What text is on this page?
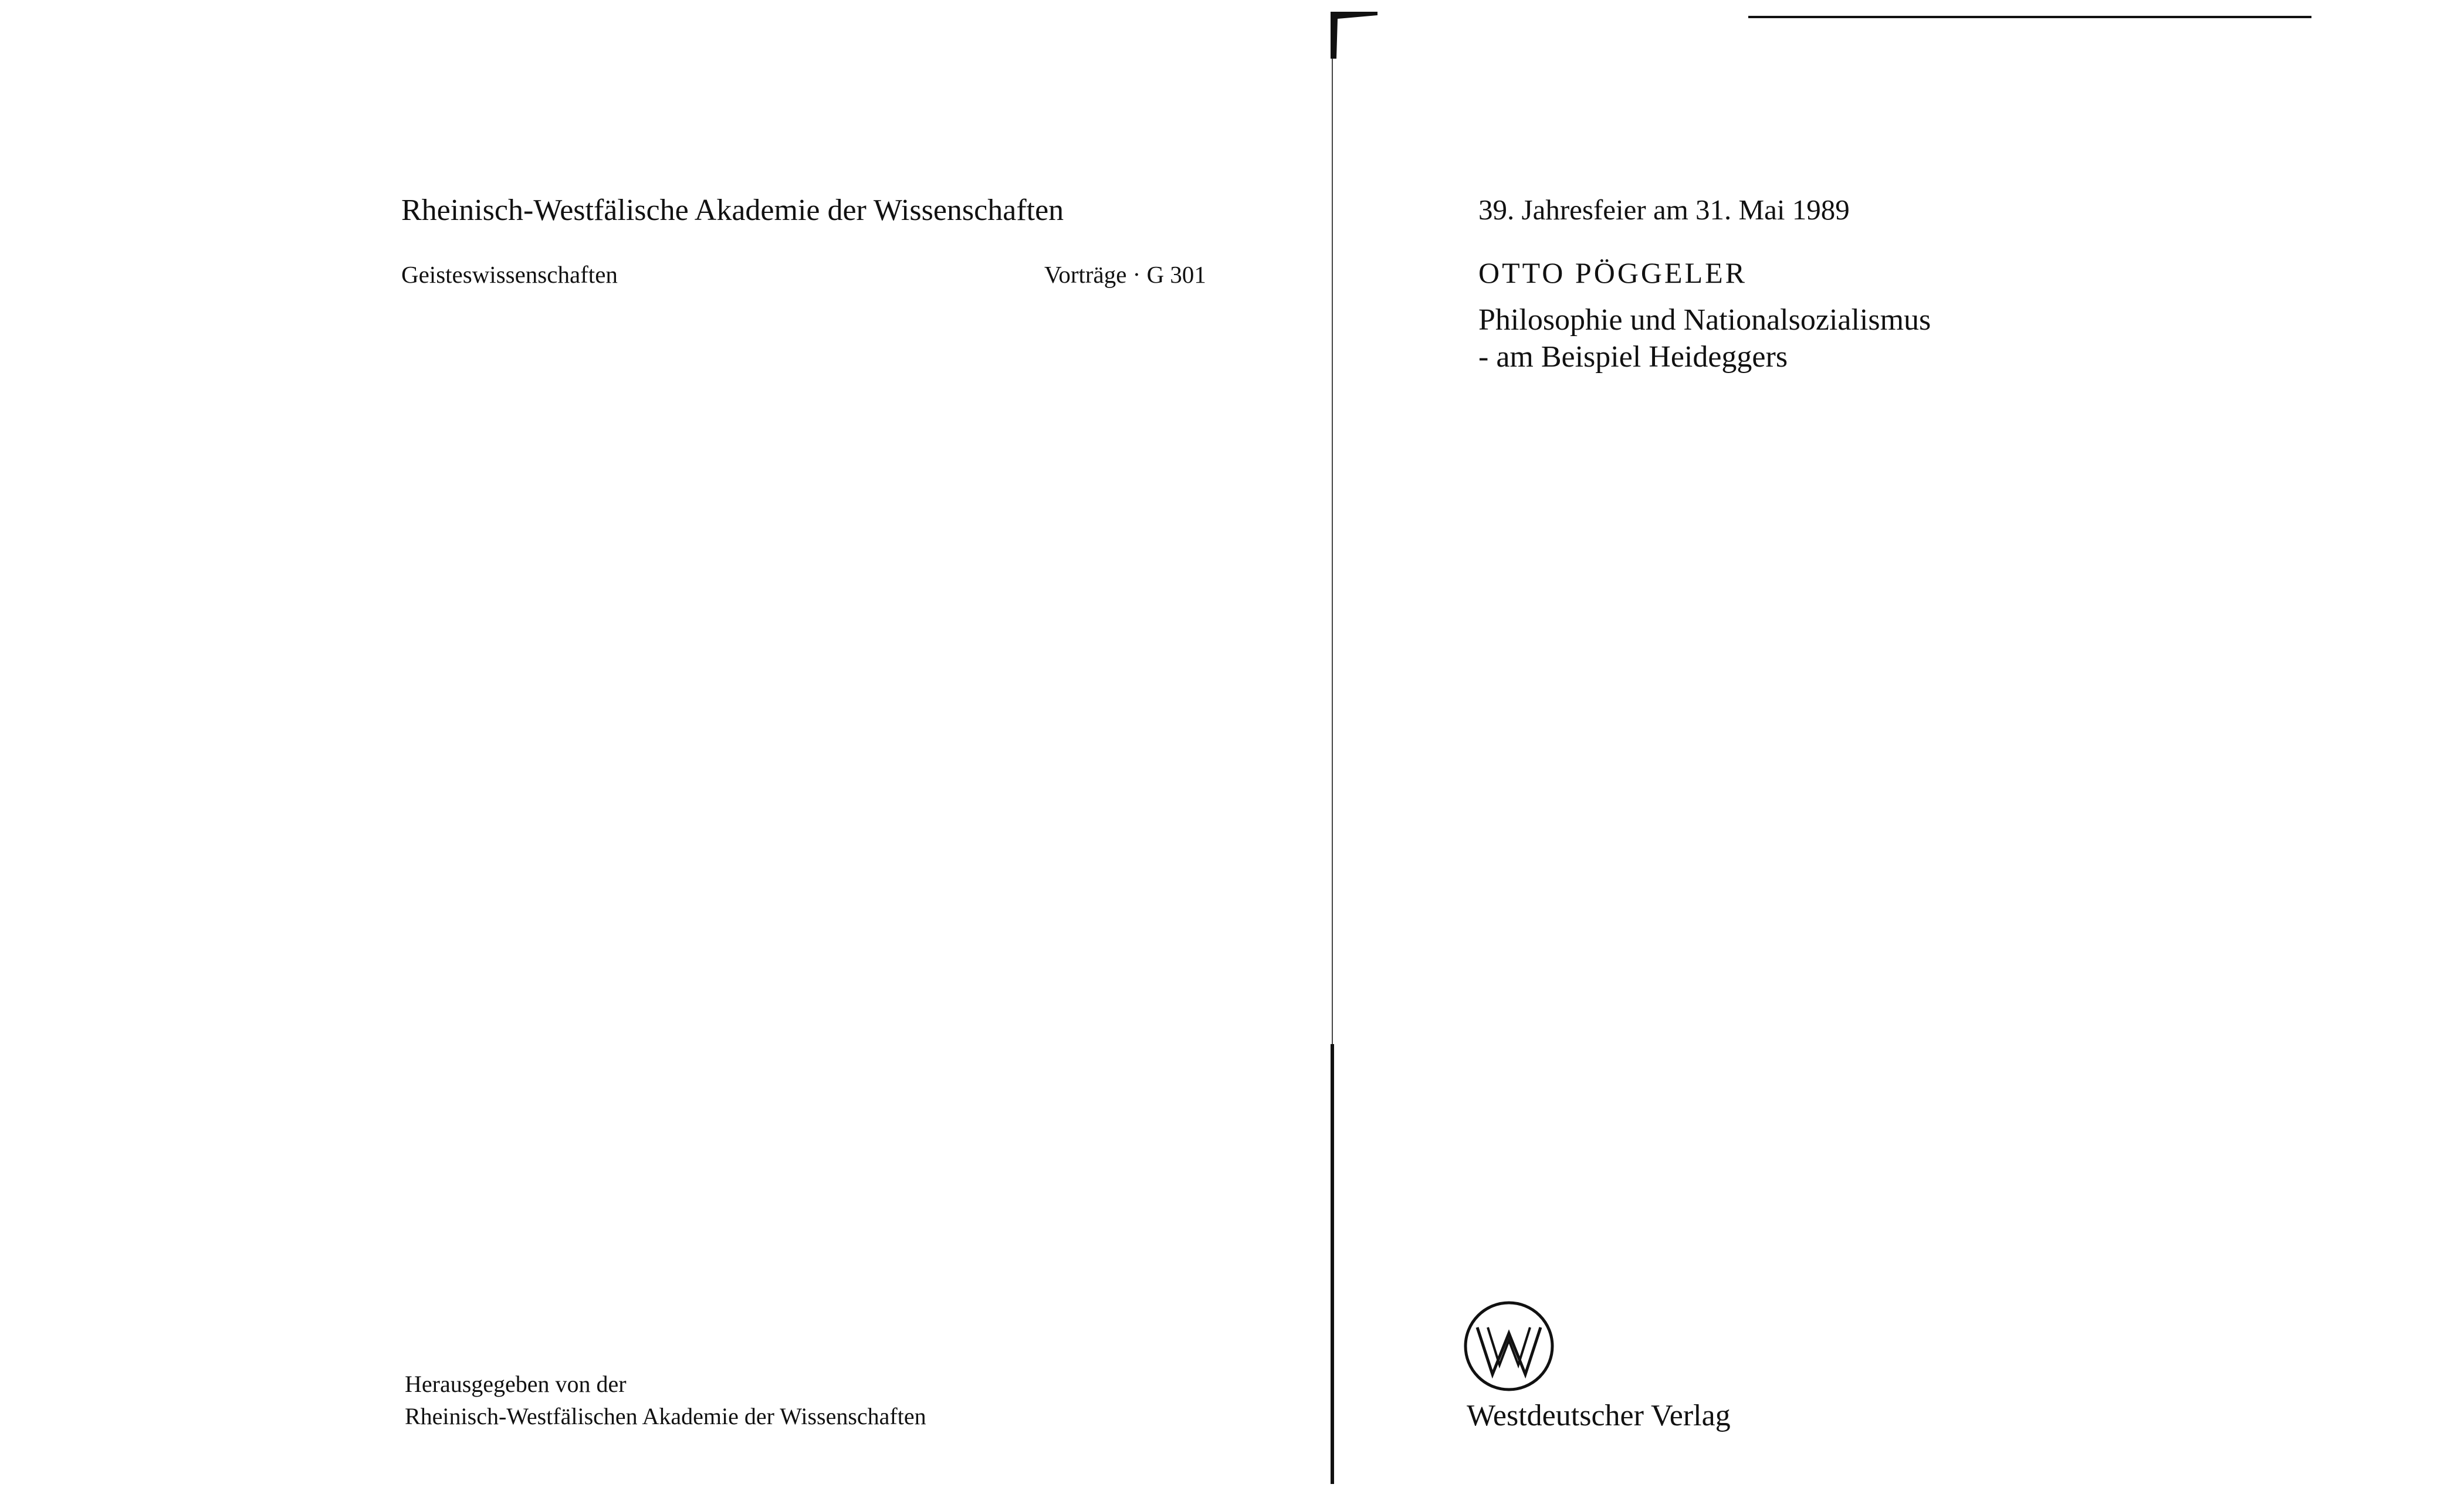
Rheinisch-Westfälische Akademie der Wissenschaften
Geisteswissenschaften	Vorträge · G 301
Herausgegeben von der
Rheinisch-Westfälischen Akademie der Wissenschaften
39. Jahresfeier am 31. Mai 1989
OTTO PÖGGELER
Philosophie und Nationalsozialismus
- am Beispiel Heideggers
Westdeutscher Verlag
